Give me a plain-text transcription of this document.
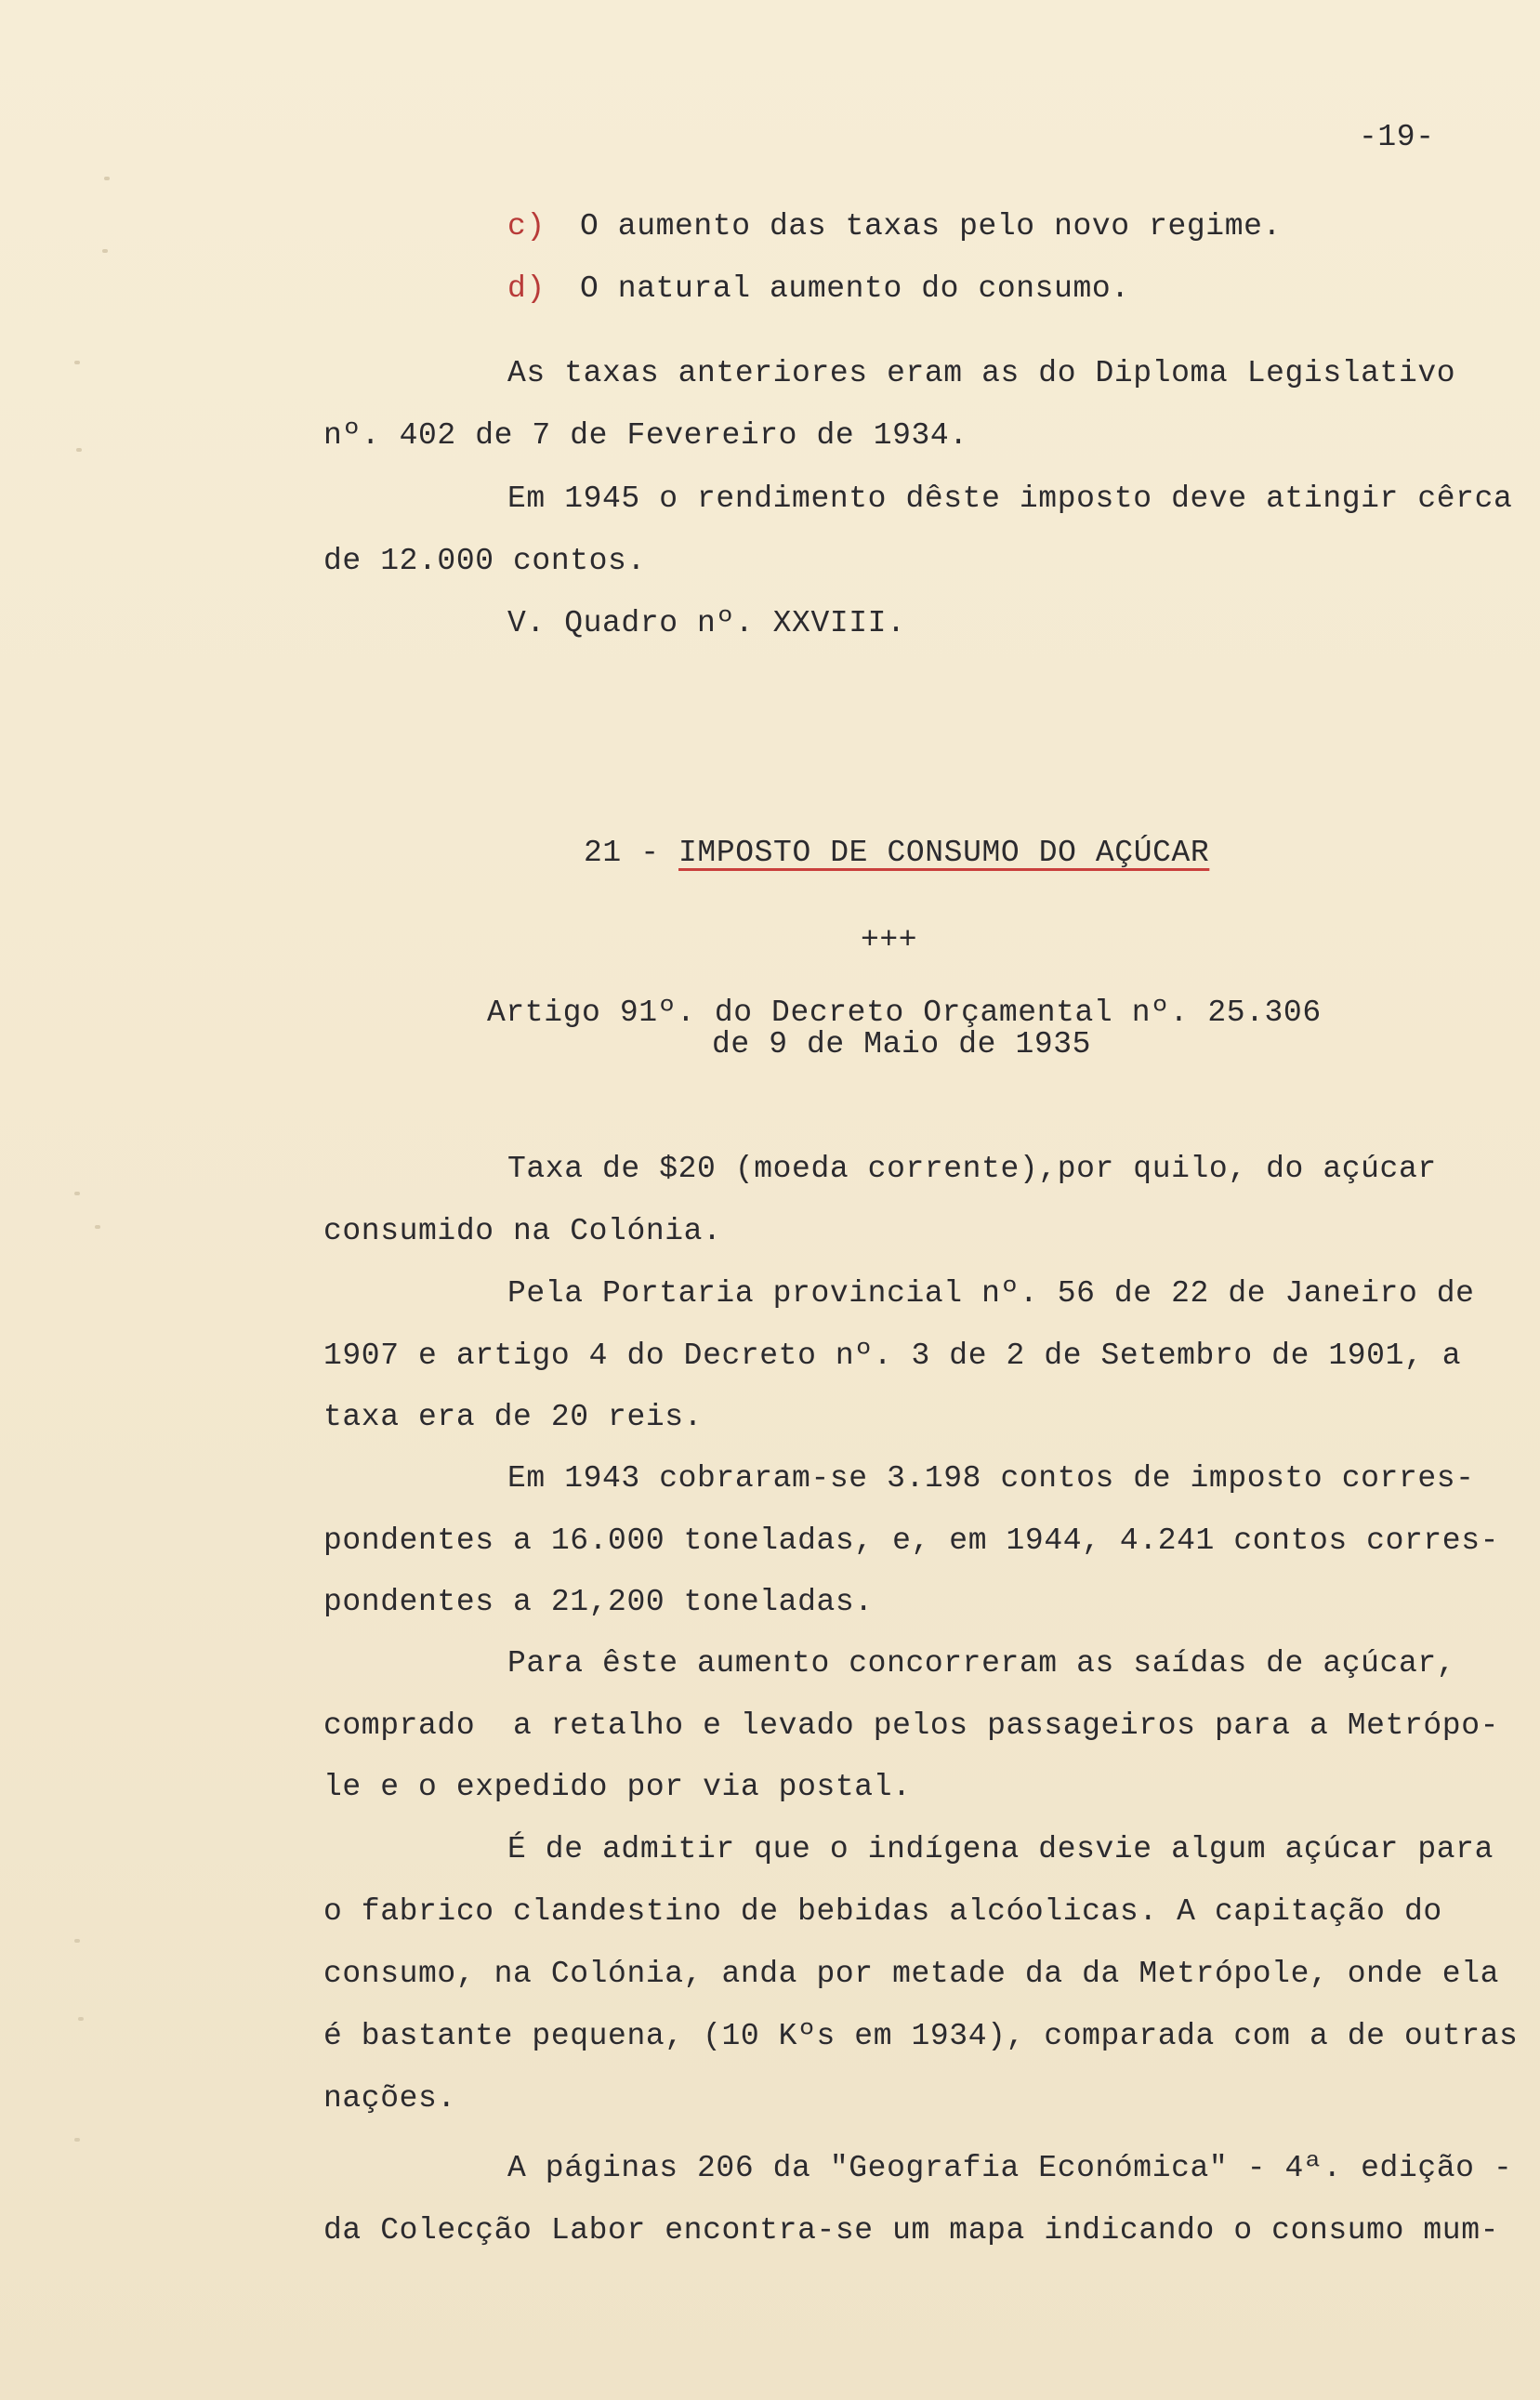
-19-
c) O aumento das taxas pelo novo regime.
d) O natural aumento do consumo.
As taxas anteriores eram as do Diploma Legislativo
nº. 402 de 7 de Fevereiro de 1934.
Em 1945 o rendimento dêste imposto deve atingir cêrca
de 12.000 contos.
V. Quadro nº. XXVIII.
21 - IMPOSTO DE CONSUMO DO AÇÚCAR
+++
Artigo 91º. do Decreto Orçamental nº. 25.306
de 9 de Maio de 1935
Taxa de $20 (moeda corrente),por quilo, do açúcar
consumido na Colónia.
Pela Portaria provincial nº. 56 de 22 de Janeiro de
1907 e artigo 4 do Decreto nº. 3 de 2 de Setembro de 1901, a
taxa era de 20 reis.
Em 1943 cobraram-se 3.198 contos de imposto corres-
pondentes a 16.000 toneladas, e, em 1944, 4.241 contos corres-
pondentes a 21,200 toneladas.
Para êste aumento concorreram as saídas de açúcar,
comprado  a retalho e levado pelos passageiros para a Metrópo-
le e o expedido por via postal.
É de admitir que o indígena desvie algum açúcar para
o fabrico clandestino de bebidas alcóolicas. A capitação do
consumo, na Colónia, anda por metade da da Metrópole, onde ela
é bastante pequena, (10 Kºs em 1934), comparada com a de outras
nações.
A páginas 206 da "Geografia Económica" - 4ª. edição -
da Colecção Labor encontra-se um mapa indicando o consumo mum-
